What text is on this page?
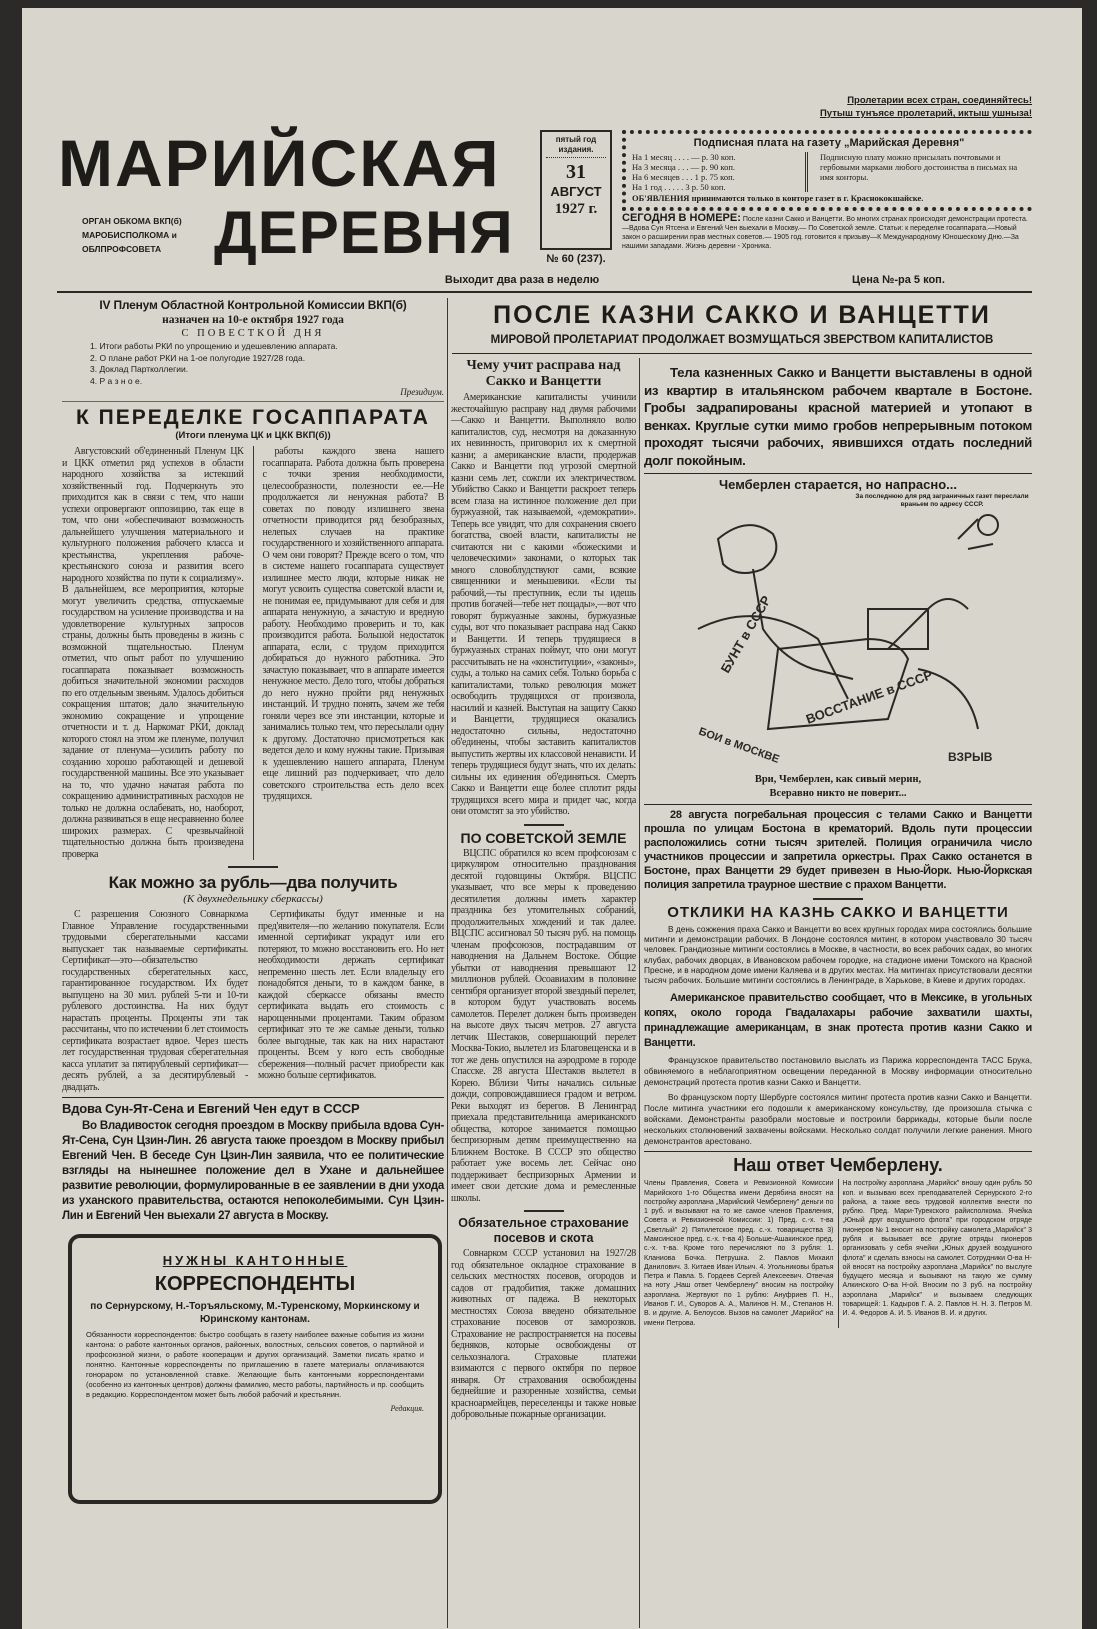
Пролетарии всех стран, соединяйтесь!
Путыш тунъясе пролетарий, иктыш ушныза!
МАРИЙСКАЯ
ДЕРЕВНЯ
ОРГАН ОБКОМА ВКП(б) МАРОБИСПОЛКОМА и ОБЛПРОФСОВЕТА
пятый год издания.
31
АВГУСТ
1927 г.
№ 60 (237).
Подписная плата на газету „Марийская Деревня"
На 1 месяц . . . . — р. 30 коп.
На 3 месяца . . . — р. 90 коп.
На 6 месяцев . . . 1 р. 75 коп.
На 1 год . . . . . 3 р. 50 коп.
Подписную плату можно присылать почтовыми и гербовыми марками любого достоинства в письмах на имя конторы.
ОБ'ЯВЛЕНИЯ принимаются только в конторе газет в г. Краснококшайске.
СЕГОДНЯ В НОМЕРЕ: После казни Сакко и Ванцетти. Во многих странах происходят демонстрации протеста.—Вдова Сун Ятсена и Евгений Чен выехали в Москву.— По Советской земле. Статьи: к переделке госаппарата.—Новый закон о расширении прав местных советов.— 1905 год. готовится к призыву—К Международному Юношескому Дню.—За нашими западами. Жизнь деревни - Хроника.
Выходит два раза в неделю	Цена №-ра 5 коп.
IV Пленум Областной Контрольной Комиссии ВКП(б)
назначен на 10-е октября 1927 года
С ПОВЕСТКОЙ ДНЯ
1. Итоги работы РКИ по упрощению и удешевлению аппарата.
2. О плане работ РКИ на 1-ое полугодие 1927/28 года.
3. Доклад Партколлегии.
4. Р а з н о е.
Президиум.
К ПЕРЕДЕЛКЕ ГОСАППАРАТА
(Итоги пленума ЦК и ЦКК ВКП(б))

Августовский об'единенный Пленум ЦК и ЦКК отметил ряд успехов в области народного хозяйства за истекший хозяйственный год. Подчеркнуть это приходится как в связи с тем, что наши успехи опровергают оппозицию, так еще в том, что они «обеспечивают возможность дальнейшего улучшения материального и культурного положения рабочего класса и крестьянства, укрепления рабоче-крестьянского союза и развития всего народного хозяйства по пути к социализму». В дальнейшем, все мероприятия, которые могут увеличить средства, отпускаемые государством на усиление производства и на удовлетворение культурных запросов страны, должны быть проведены в жизнь с возможной тщательностью. Пленум отметил, что опыт работ по улучшению госаппарата показывает возможность добиться значительной экономии расходов по его отдельным звеньям. Удалось добиться сокращения штатов; дало значительную экономию сокращение и упрощение отчетности и т. д. Наркомат РКИ, доклад которого стоял на этом же пленуме, получил задание от пленума—усилить работу по созданию хорошо работающей и дешевой государственной машины. Все это указывает на то, что удачно начатая работа по сокращению административных расходов не только не должна ослабевать, но, наоборот, должна развиваться в еще несравненно более широких размерах. С чрезвычайной тщательностью должна быть произведена проверка

работы каждого звена нашего госаппарата. Работа должна быть проверена с точки зрения необходимости, целесообразности, полезности ее.—Не продолжается ли ненужная работа? В советах по поводу излишнего звена отчетности приводится ряд безобразных, нелепых случаев на практике государственного и хозяйственного аппарата. О чем они говорят? Прежде всего о том, что в системе нашего госаппарата существует излишнее место люди, которые никак не могут усвоить существа советской власти и, не понимая ее, придумывают для себя и для аппарата ненужную, а зачастую и вредную работу. Необходимо проверить и то, как производится работа. Большой недостаток аппарата, если, с трудом приходится добираться до нужного работника. Это зачастую показывает, что в аппарате имеется ненужное место. Дело того, чтобы добраться до него нужно пройти ряд ненужных инстанций. И трудно понять, зачем же тебя гоняли через все эти инстанции, которые и занимались только тем, что пересылали одну к другому. Достаточно присмотреться как ведется дело и кому нужны такие. Призывая к удешевлению нашего аппарата, Пленум еще лишний раз подчеркивает, что дело советского строительства есть дело всех трудящихся.

Как можно за рубль—два получить
(К двухнедельнику сберкассы)

С разрешения Союзного Совнаркома Главное Управление государственными трудовыми сберегательными кассами выпускает так называемые сертификаты. Сертификат—это—обязательство государственных сберегательных касс, гарантированное государством. Их будет выпущено на 30 мил. рублей 5-ти и 10-ти рублевого достоинства. На них будут нарастать проценты. Проценты эти так рассчитаны, что по истечении 6 лет стоимость сертификата возрастает вдвое. Через шесть лет государственная трудовая сберегательная касса уплатит за пятирублевый сертификат—десять рублей, а за десятирублевый - двадцать.

Сертификаты будут именные и на пред'явителя—по желанию покупателя. Если именной сертификат украдут или его потеряют, то можно восстановить его. Но нет необходимости держать сертификат непременно шесть лет. Если владельцу его понадобятся деньги, то в каждом банке, в каждой сберкассе обязаны вместо сертификата выдать его стоимость с нарощенными процентами. Таким образом сертификат это те же самые деньги, только более выгодные, так как на них нарастают проценты. Всем у кого есть свободные сбережения—полный расчет приобрести как можно больше сертификатов.

Вдова Сун-Ят-Сена и Евгений Чен едут в СССР

Во Владивосток сегодня проездом в Москву прибыла вдова Сун-Ят-Сена, Сун Цзин-Лин. 26 августа также проездом в Москву прибыл Евгений Чен. В беседе Сун Цзин-Лин заявила, что ее политические взгляды на нынешнее положение дел в Ухане и дальнейшее развитие революции, формулированные в ее заявлении в дни ухода из уханского правительства, остаются непоколебимыми. Сун Цзин-Лин и Евгений Чен выехали 27 августа в Москву.

НУЖНЫ КАНТОННЫЕ КОРРЕСПОНДЕНТЫ
по Сернурскому, Н.-Торъяльскому, М.-Туренскому, Моркинскому и Юринскому кантонам.
Обязанности корреспондентов: быстро сообщать в газету наиболее важные события из жизни кантона: о работе кантонных органов, районных, волостных, сельских советов, о партийной и профсоюзной жизни, о работе кооперации и других организаций. Заметки писать кратко и понятно. Кантонные корреспонденты по приглашению в газете материалы оплачиваются гонораром по установленной ставке. Желающие быть кантонными корреспондентами (особенно из кантонных центров) должны фамилию, место работы, партийность и пр. сообщить в редакцию. Корреспондентом может быть любой рабочий и крестьянин.
Редакция.
ПОСЛЕ КАЗНИ САККО И ВАНЦЕТТИ
МИРОВОЙ ПРОЛЕТАРИАТ ПРОДОЛЖАЕТ ВОЗМУЩАТЬСЯ ЗВЕРСТВОМ КАПИТАЛИСТОВ
Чему учит расправа над Сакко и Ванцетти

Американские капиталисты учинили жесточайшую расправу над двумя рабочими—Сакко и Ванцетти. Выполняло волю капиталистов, суд, несмотря на доказанную их невинность, приговорил их к смертной казни; а американские власти, продержав Сакко и Ванцетти под угрозой смертной казни семь лет, сожгли их электричеством. Убийство Сакко и Ванцетти раскроет теперь всем глаза на истинное положение дел при буржуазной, так называемой, «демократии». Теперь все увидят, что для сохранения своего богатства, своей власти, капиталисты не считаются ни с какими «божескими и человеческими» законами, о которых так много словоблудствуют сами, всякие священники и меньшевики. «Если ты рабочий,—ты преступник, если ты идешь против богачей—тебе нет пощады»,—вот что говорят буржуазные законы, буржуазные суды, вот что показывает расправа над Сакко и Ванцетти. И теперь трудящиеся в буржуазных странах поймут, что они могут рассчитывать не на «конституции», «законы», суды, а только на самих себя. Только борьба с капиталистами, только революция может освободить трудящихся от произвола, насилий и казней. Выступая на защиту Сакко и Ванцетти, трудящиеся оказались недостаточно сильны, недостаточно об'единены, чтобы заставить капиталистов выпустить жертвы их классовой ненависти. И теперь трудящиеся будут знать, что их делать: сильны их единения об'единяться. Смерть Сакко и Ванцетти еще более сплотит ряды трудящихся всего мира и придет час, когда они отомстят за это убийство.

ПО СОВЕТСКОЙ ЗЕМЛЕ

ВЦСПС обратился ко всем профсоюзам с циркуляром относительно празднования десятой годовщины Октября. ВЦСПС указывает, что все меры к проведению десятилетия должны иметь характер праздника без утомительных собраний, продолжительных хождений и так далее. ВЦСПС ассигновал 50 тысяч руб. на помощь членам профсоюзов, пострадавшим от наводнения на Дальнем Востоке. Общие убытки от наводнения превышают 12 миллионов рублей. Осоавиахим в половине сентября организует второй звездный перелет, в котором будут участвовать восемь самолетов. Перелет должен быть произведен на высоте двух тысяч метров. 27 августа летчик Шестаков, совершающий перелет Москва-Токио, вылетел из Благовещенска и в тот же день опустился на аэродроме в городе Спасске. 28 августа Шестаков вылетел в Корею. Вблизи Читы начались сильные дожди, сопровождавшиеся градом и ветром. Реки выходят из берегов. В Ленинград приехала представительница американского общества, которое занимается помощью беспризорным детям преимущественно на Ближнем Востоке. В СССР это общество работает уже восемь лет. Сейчас оно поддерживает беспризорных Армении и имеет свои детские дома и ремесленные школы.

Обязательное страхование посевов и скота

Совнарком СССР установил на 1927/28 год обязательное окладное страхование в сельских местностях посевов, огородов и садов от градобития, также домашних животных от падежа. В некоторых местностях Союза введено обязательное страхование посевов от заморозков. Страхование не распространяется на посевы бедняков, которые освобождены от сельхозналога. Страховые платежи взимаются с первого октября по первое января. От страхования освобождены беднейшие и разоренные хозяйства, семьи красноармейцев, переселенцы и также новые добровольные пожарные организации.

Тела казненных Сакко и Ванцетти выставлены в одной из квартир в итальянском рабочем квартале в Бостоне. Гробы задрапированы красной материей и утопают в венках. Круглые сутки мимо гробов непрерывным потоком проходят тысячи рабочих, явившихся отдать последний долг покойным.

Чемберлен старается, но напрасно...
За последнюю для ряд заграничных газет переслали враньем по адресу СССР.
БУНТ в СССР
ВОССТАНИЕ в СССР
БОИ в МОСКВЕ	ВЗРЫВ
Ври, Чемберлен, как сивый мерин,
Всеравно никто не поверит...

28 августа погребальная процессия с телами Сакко и Ванцетти прошла по улицам Бостона в крематорий. Вдоль пути процессии расположились сотни тысяч зрителей. Полиция ограничила число участников процессии и запретила оркестры. Прах Сакко останется в Бостоне, прах Ванцетти 29 будет привезен в Нью-Йорк. Нью-Йоркская полиция запретила траурное шествие с прахом Ванцетти.

ОТКЛИКИ НА КАЗНЬ САККО И ВАНЦЕТТИ
В день сожжения праха Сакко и Ванцетти во всех крупных городах мира состоялись большие митинги и демонстрации рабочих. В Лондоне состоялся митинг, в котором участвовало 30 тысяч человек. Грандиозные митинги состоялись в Москве, в частности, во всех рабочих садах, во многих клубах, рабочих дворцах, в Ивановском рабочем городке, на стадионе имени Томского на Красной Пресне, и в народном доме имени Каляева и в других местах. На митингах присутствовали десятки тысяч рабочих. Большие митинги состоялись в Ленинграде, в Харькове, в Киеве и других городах.
Американское правительство сообщает, что в Мексике, в угольных копях, около города Гвадалахары рабочие захватили шахты, принадлежащие американцам, в знак протеста против казни Сакко и Ванцетти.
Французское правительство постановило выслать из Парижа корреспондента ТАСС Брука, обвиняемого в неблагоприятном освещении переданной в Москву информации относительно демонстраций протеста против казни Сакко и Ванцетти.
Во французском порту Шербурге состоялся митинг протеста против казни Сакко и Ванцетти. После митинга участники его подошли к американскому консульству, где произошла стычка с войсками. Демонстранты разобрали мостовые и построили баррикады, которые были после нескольких столкновений захвачены войсками. Несколько солдат получили легкие ранения. Много демонстрантов арестовано.
Наш ответ Чемберлену.
Члены Правления, Совета и Ревизионной Комиссии Марийского 1-го Общества имени Дерябина вносят на постройку аэроплана „Марийский Чемберлену" деньги по 1 руб. и вызывают на то же самое членов Правления, Совета и Ревизионной Комиссии: 1) Пред. с.-х. т-ва „Светлый" 2) Пятилетское пред. с.-х. товарищества 3) Мамсинское пред. с.-х. т-ва 4) Больше-Ашакинское пред. с.-х. т-ва. Кроме того перечисляют по 3 рубля: 1. Кланиова Бочка. Петрушка. 2. Павлов Михаил Данилович. 3. Китаев Иван Ильич. 4. Угольниковы братья Петра и Павла. 5. Гордеев Сергей Алексеевич. Отвечая на ноту „Наш ответ Чемберлену" вносим на постройку аэроплана. Жертвуют по 1 рублю: Ануфриев П. Н., Иванов Г. И., Суворов А. А., Малинов Н. М., Степанов Н. В. и другие. А. Белоусов. Вызов на самолет „Марийск" на имени Петрова.
На постройку аэроплана „Марийск" вношу один рубль 50 коп. и вызываю всех преподавателей Сернурского 2-го района, а также весь трудовой коллектив внести по рублю. Пред. Мари-Турекского райисполкома. Ячейка „Юный друг воздушного флота" при городском отряде пионеров № 1 вносит на постройку самолета „Марийск" 3 рубля и вызывает все другие отряды пионеров организовать у себя ячейки „Юных друзей воздушного флота" и сделать взносы на самолет. Сотрудники О-ва Н-ой вносят на постройку аэроплана „Марийск" по выслуге будущего месяца и вызывают на такую же сумму Алкинского О-ва Н-ой. Вносим по 3 руб. на постройку аэроплана „Марийск" и вызываем следующих товарищей: 1. Кадыров Г. А. 2. Павлов Н. Н. 3. Петров М. И. 4. Федоров А. И. 5. Иванов В. И. и других.
